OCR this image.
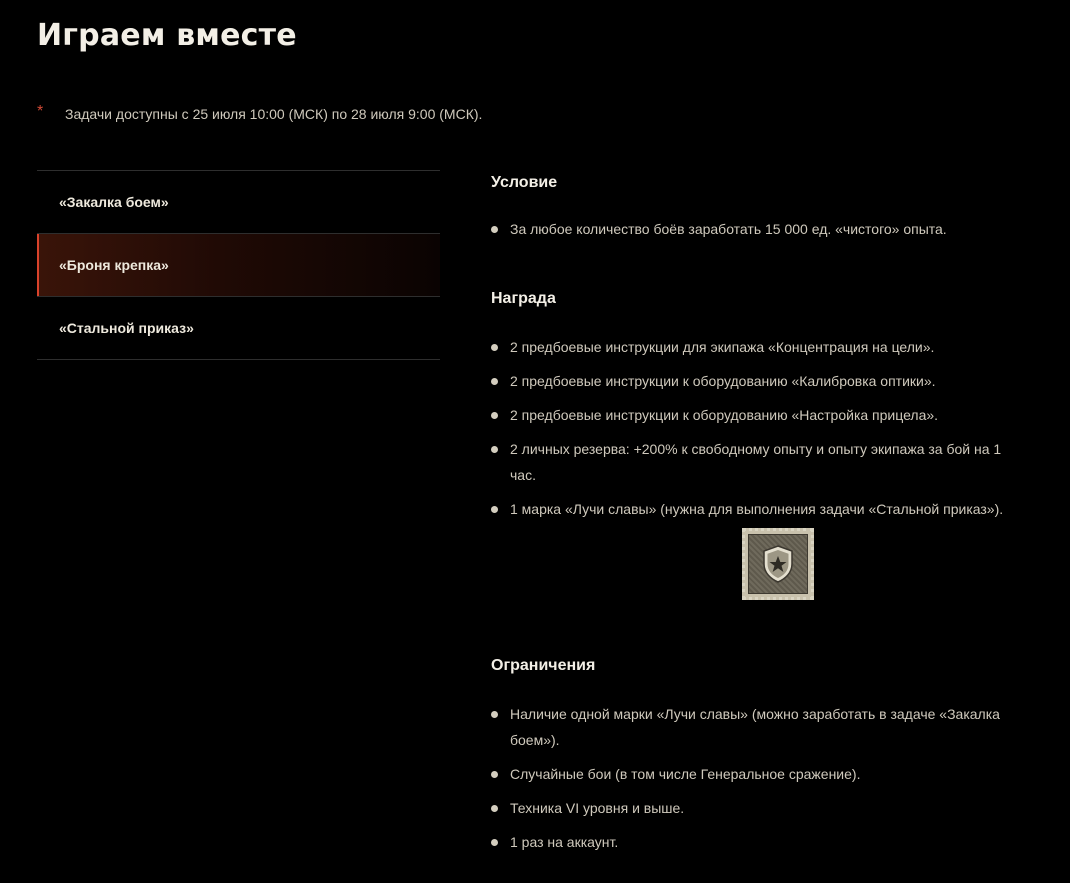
Играем вместе
* Задачи доступны с 25 июля 10:00 (МСК) по 28 июля 9:00 (МСК).
«Закалка боем»
«Броня крепка»
«Стальной приказ»
Условие
За любое количество боёв заработать 15 000 ед. «чистого» опыта.
Награда
2 предбоевые инструкции для экипажа «Концентрация на цели».
2 предбоевые инструкции к оборудованию «Калибровка оптики».
2 предбоевые инструкции к оборудованию «Настройка прицела».
2 личных резерва: +200% к свободному опыту и опыту экипажа за бой на 1 час.
1 марка «Лучи славы» (нужна для выполнения задачи «Стальной приказ»).
Ограничения
Наличие одной марки «Лучи славы» (можно заработать в задаче «Закалка боем»).
Случайные бои (в том числе Генеральное сражение).
Техника VI уровня и выше.
1 раз на аккаунт.
